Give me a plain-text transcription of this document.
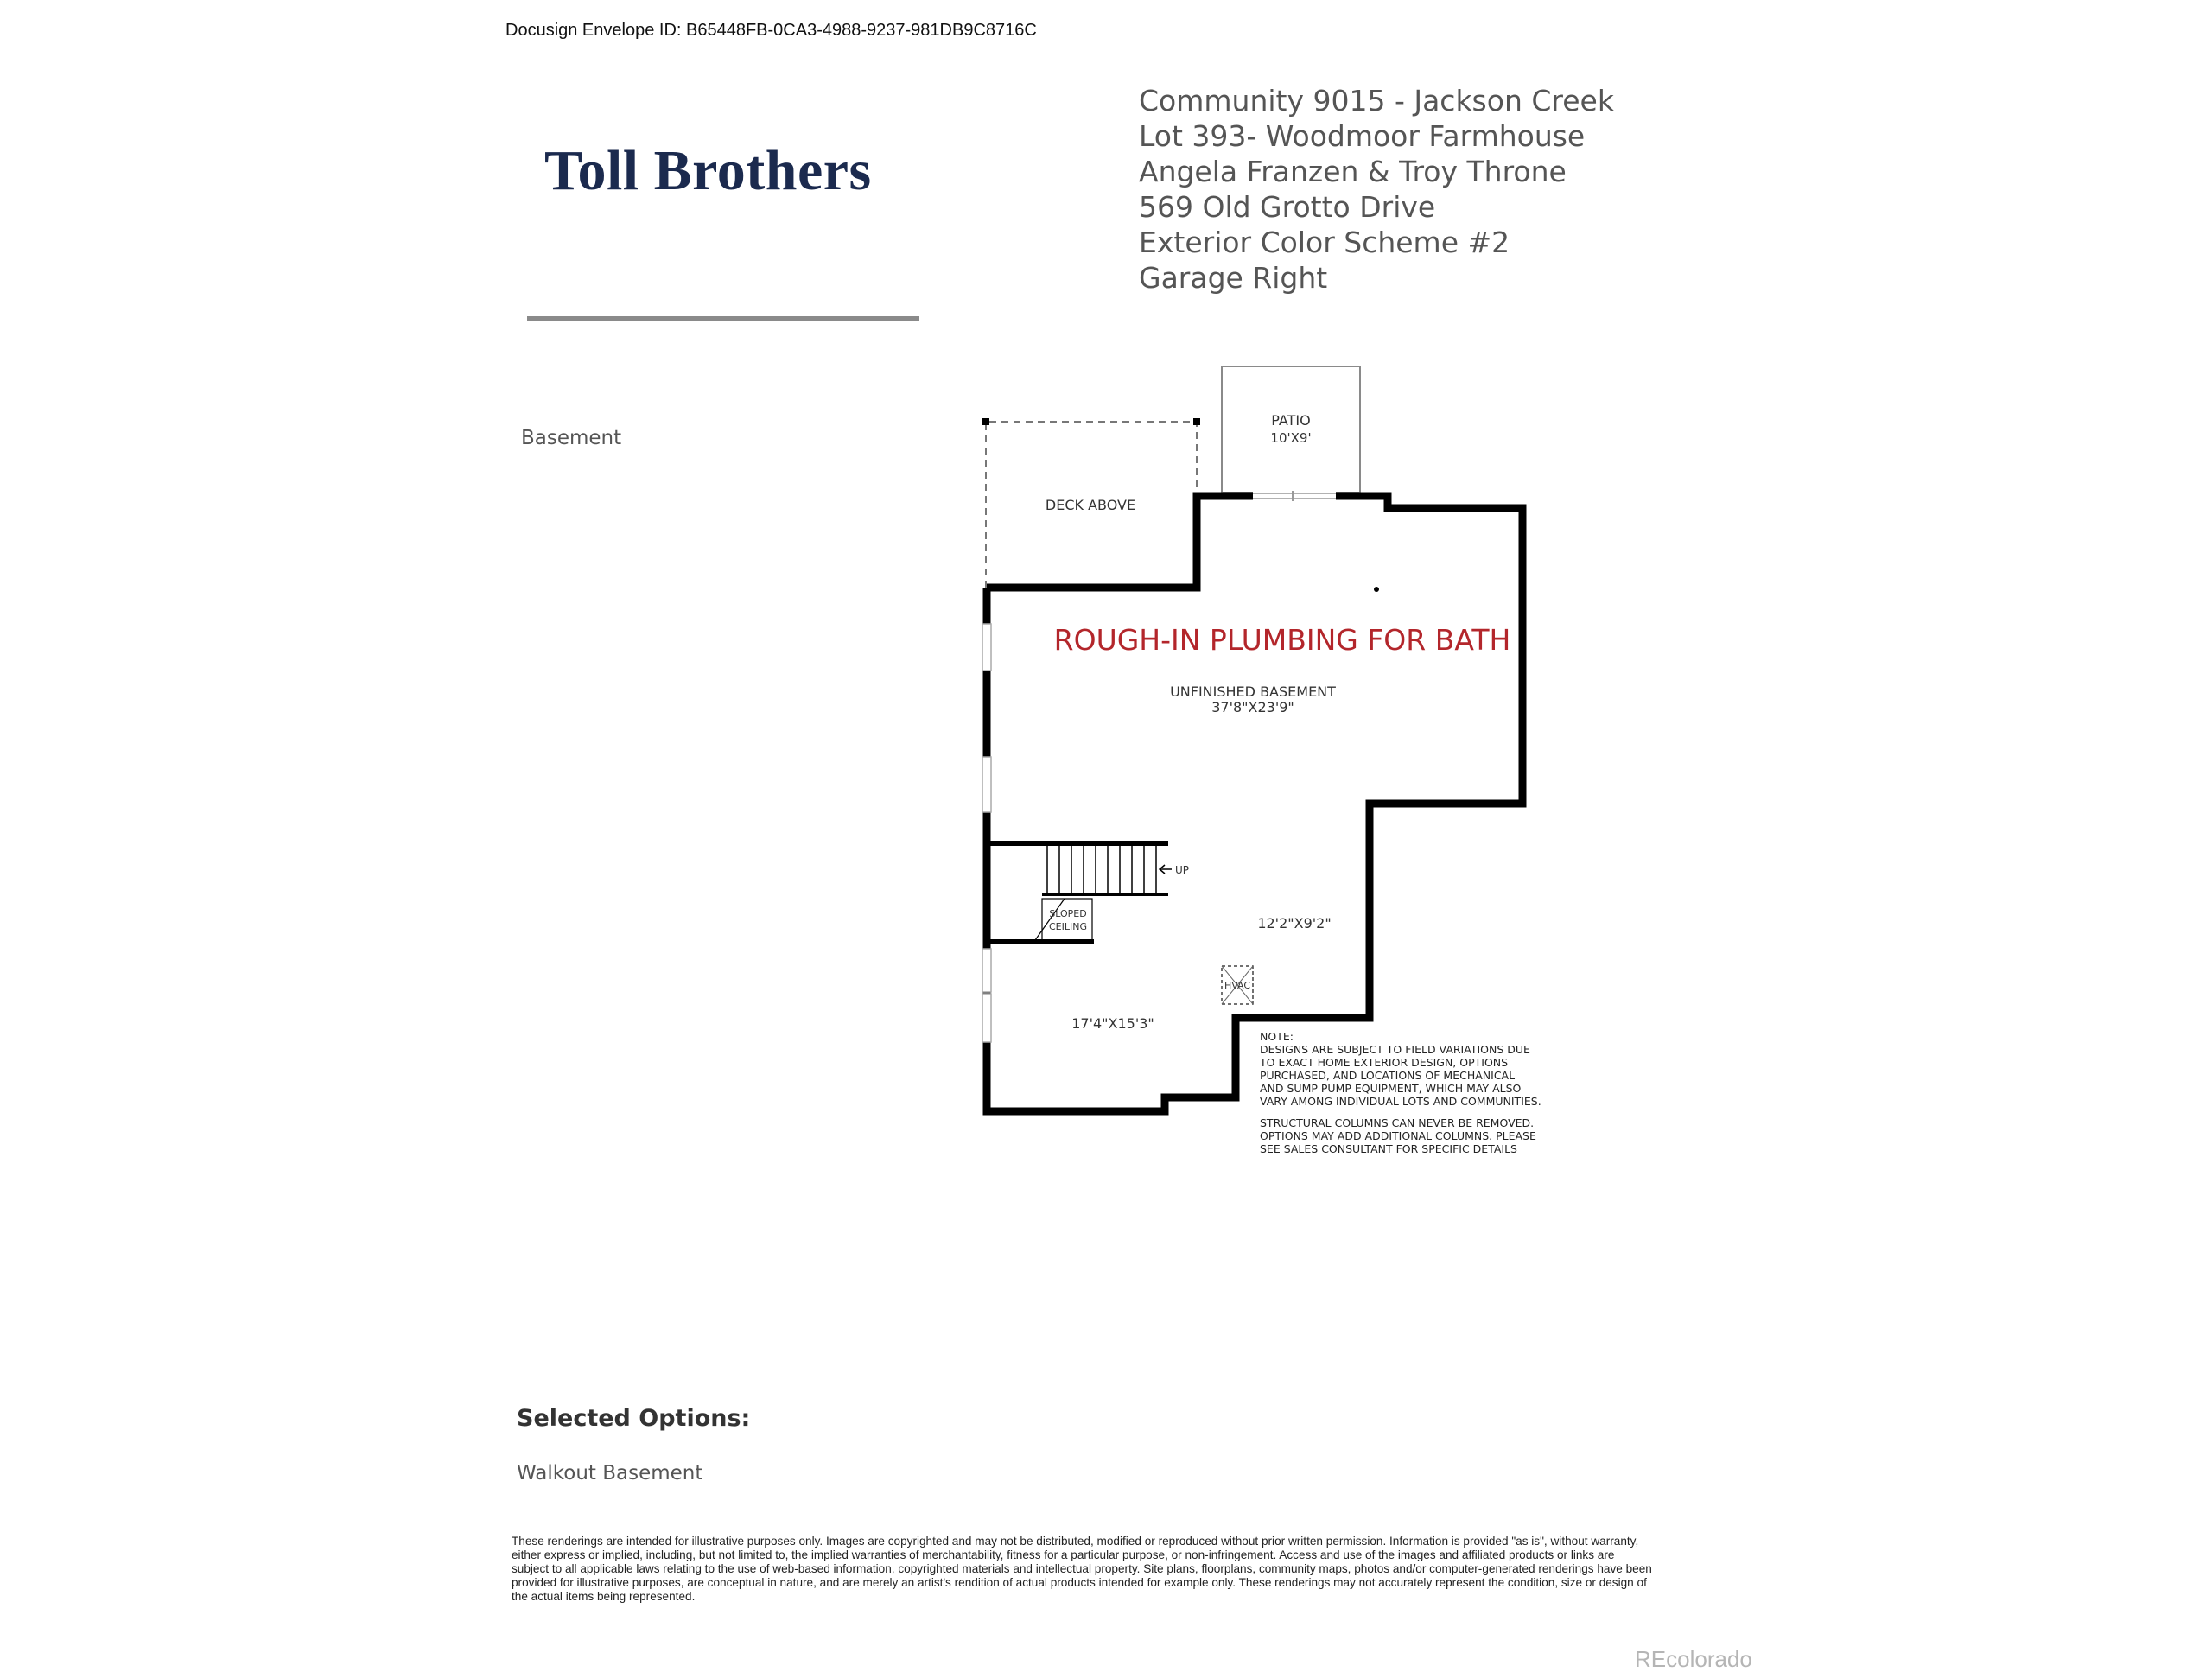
Docusign Envelope ID: B65448FB-0CA3-4988-9237-981DB9C8716C
Toll Brothers
Community 9015 - Jackson Creek
Lot 393- Woodmoor Farmhouse
Angela Franzen & Troy Throne
569 Old Grotto Drive
Exterior Color Scheme #2
Garage Right
Basement
PATIO
10'X9'
DECK ABOVE
ROUGH-IN PLUMBING FOR BATH
UNFINISHED BASEMENT
37'8"X23'9"
SLOPED
CEILING
UP
12'2"X9'2"
HVAC
17'4"X15'3"
NOTE:
DESIGNS ARE SUBJECT TO FIELD VARIATIONS DUE
TO EXACT HOME EXTERIOR DESIGN, OPTIONS
PURCHASED, AND LOCATIONS OF MECHANICAL
AND SUMP PUMP EQUIPMENT, WHICH MAY ALSO
VARY AMONG INDIVIDUAL LOTS AND COMMUNITIES.
STRUCTURAL COLUMNS CAN NEVER BE REMOVED.
OPTIONS MAY ADD ADDITIONAL COLUMNS. PLEASE
SEE SALES CONSULTANT FOR SPECIFIC DETAILS
Selected Options:
Walkout Basement
These renderings are intended for illustrative purposes only. Images are copyrighted and may not be distributed, modified or reproduced without prior written permission. Information is provided "as is", without warranty, either express or implied, including, but not limited to, the implied warranties of merchantability, fitness for a particular purpose, or non-infringement. Access and use of the images and affiliated products or links are subject to all applicable laws relating to the use of web-based information, copyrighted materials and intellectual property. Site plans, floorplans, community maps, photos and/or computer-generated renderings have been provided for illustrative purposes, are conceptual in nature, and are merely an artist's rendition of actual products intended for example only. These renderings may not accurately represent the condition, size or design of the actual items being represented.
REcolorado
